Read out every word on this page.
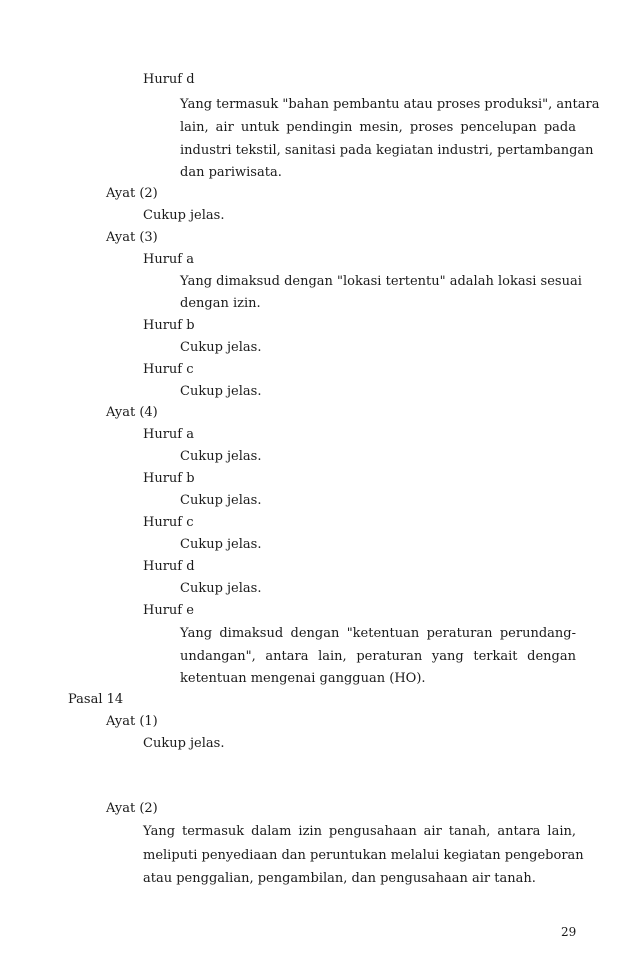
Huruf d
Yang termasuk "bahan pembantu atau proses produksi", antara
lain, air untuk pendingin mesin, proses pencelupan pada
industri tekstil, sanitasi pada kegiatan industri, pertambangan
dan pariwisata.
Ayat (2)
Cukup jelas.
Ayat (3)
Huruf a
Yang dimaksud dengan "lokasi tertentu" adalah lokasi sesuai
dengan izin.
Huruf b
Cukup jelas.
Huruf c
Cukup jelas.
Ayat (4)
Huruf a
Cukup jelas.
Huruf b
Cukup jelas.
Huruf c
Cukup jelas.
Huruf d
Cukup jelas.
Huruf e
Yang dimaksud dengan "ketentuan peraturan perundang-
undangan", antara lain, peraturan yang terkait dengan
ketentuan mengenai gangguan (HO).
Pasal 14
Ayat (1)
Cukup jelas.
Ayat (2)
Yang termasuk dalam izin pengusahaan air tanah, antara lain,
meliputi penyediaan dan peruntukan melalui kegiatan pengeboran
atau penggalian, pengambilan, dan pengusahaan air tanah.
29
